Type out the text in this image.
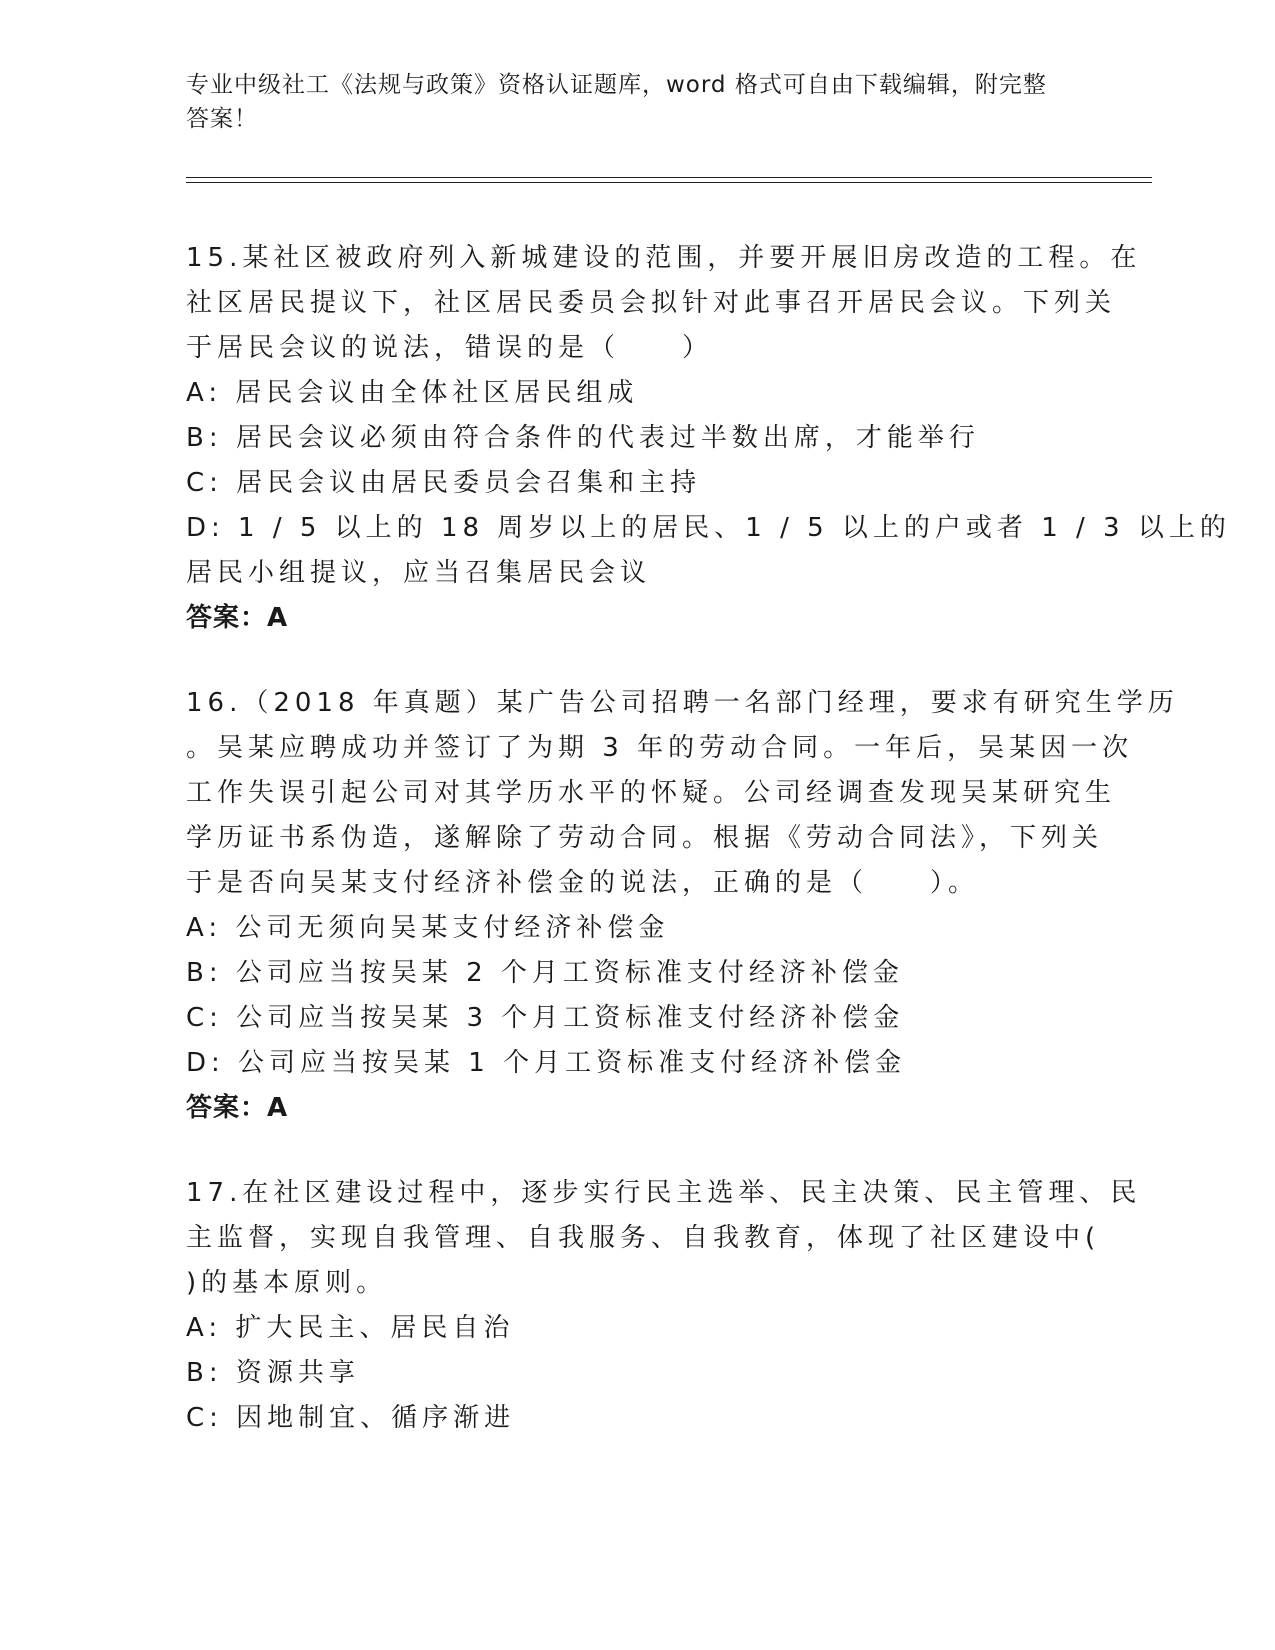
专业中级社工《法规与政策》资格认证题库，word 格式可自由下载编辑，附完整
答案！
15.某社区被政府列入新城建设的范围，并要开展旧房改造的工程。在
社区居民提议下，社区居民委员会拟针对此事召开居民会议。下列关
于居民会议的说法，错误的是（　　）
A: 居民会议由全体社区居民组成
B: 居民会议必须由符合条件的代表过半数出席，才能举行
C: 居民会议由居民委员会召集和主持
D: 1 / 5 以上的 18 周岁以上的居民、1 / 5 以上的户或者 1 / 3 以上的
居民小组提议，应当召集居民会议
答案：A
16.（2018 年真题）某广告公司招聘一名部门经理，要求有研究生学历
。吴某应聘成功并签订了为期 3 年的劳动合同。一年后，吴某因一次
工作失误引起公司对其学历水平的怀疑。公司经调查发现吴某研究生
学历证书系伪造，遂解除了劳动合同。根据《劳动合同法》，下列关
于是否向吴某支付经济补偿金的说法，正确的是（　　）。
A: 公司无须向吴某支付经济补偿金
B: 公司应当按吴某 2 个月工资标准支付经济补偿金
C: 公司应当按吴某 3 个月工资标准支付经济补偿金
D: 公司应当按吴某 1 个月工资标准支付经济补偿金
答案：A
17.在社区建设过程中，逐步实行民主选举、民主决策、民主管理、民
主监督，实现自我管理、自我服务、自我教育，体现了社区建设中(
)的基本原则。
A: 扩大民主、居民自治
B: 资源共享
C: 因地制宜、循序渐进
